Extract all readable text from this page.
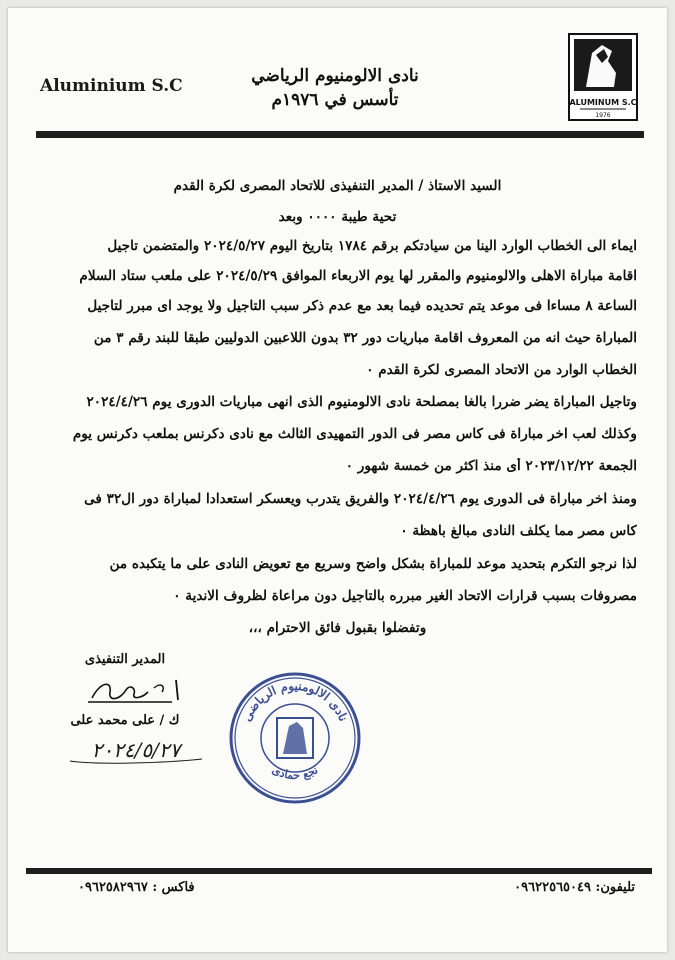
Aluminium S.C	نادى الالومنيوم الرياضي
تأسس في ١٩٧٦م	ALUMINUM S.C
1976
السيد الاستاذ / المدير التنفيذى للاتحاد المصرى لكرة القدم
تحية طيبة ٠٠٠٠ وبعد
ايماء الى الخطاب الوارد الينا من سيادتكم برقم ١٧٨٤ بتاريخ اليوم ٢٠٢٤/٥/٢٧ والمتضمن تاجيل
اقامة مباراة الاهلى والالومنيوم والمقرر لها يوم الاربعاء الموافق ٢٠٢٤/٥/٢٩ على ملعب ستاد السلام
الساعة ٨ مساءا فى موعد يتم تحديده فيما بعد مع عدم ذكر سبب التاجيل ولا يوجد اى مبرر لتاجيل
المباراة حيث انه من المعروف اقامة مباريات دور ٣٢ بدون اللاعبين الدوليين طبقا للبند رقم ٣ من
الخطاب الوارد من الاتحاد المصرى لكرة القدم ٠
وتاجيل المباراة يضر ضررا بالغا بمصلحة نادى الالومنيوم الذى انهى مباريات الدورى يوم ٢٠٢٤/٤/٢٦
وكذلك لعب اخر مباراة فى كاس مصر فى الدور التمهيدى الثالث مع نادى دكرنس بملعب دكرنس يوم
الجمعة ٢٠٢٣/١٢/٢٢ أى منذ اكثر من خمسة شهور ٠
ومنذ اخر مباراة فى الدورى يوم ٢٠٢٤/٤/٢٦ والفريق يتدرب ويعسكر استعدادا لمباراة دور ال٣٢ فى
كاس مصر مما يكلف النادى مبالغ باهظة ٠
لذا نرجو التكرم بتحديد موعد للمباراة بشكل واضح وسريع مع تعويض النادى على ما يتكبده من
مصروفات بسبب قرارات الاتحاد الغير مبرره بالتاجيل دون مراعاة لظروف الاندية ٠
وتفضلوا بقبول فائق الاحترام ،،،
المدير التنفيذى
ك / على محمد على
٢٠٢٤/٥/٢٧
نادى الالومنيوم الرياضى
نجع حمادى
تليفون: ٠٩٦٢٢٥٦٥٠٤٩
فاكس : ٠٩٦٢٥٨٢٩٦٧
